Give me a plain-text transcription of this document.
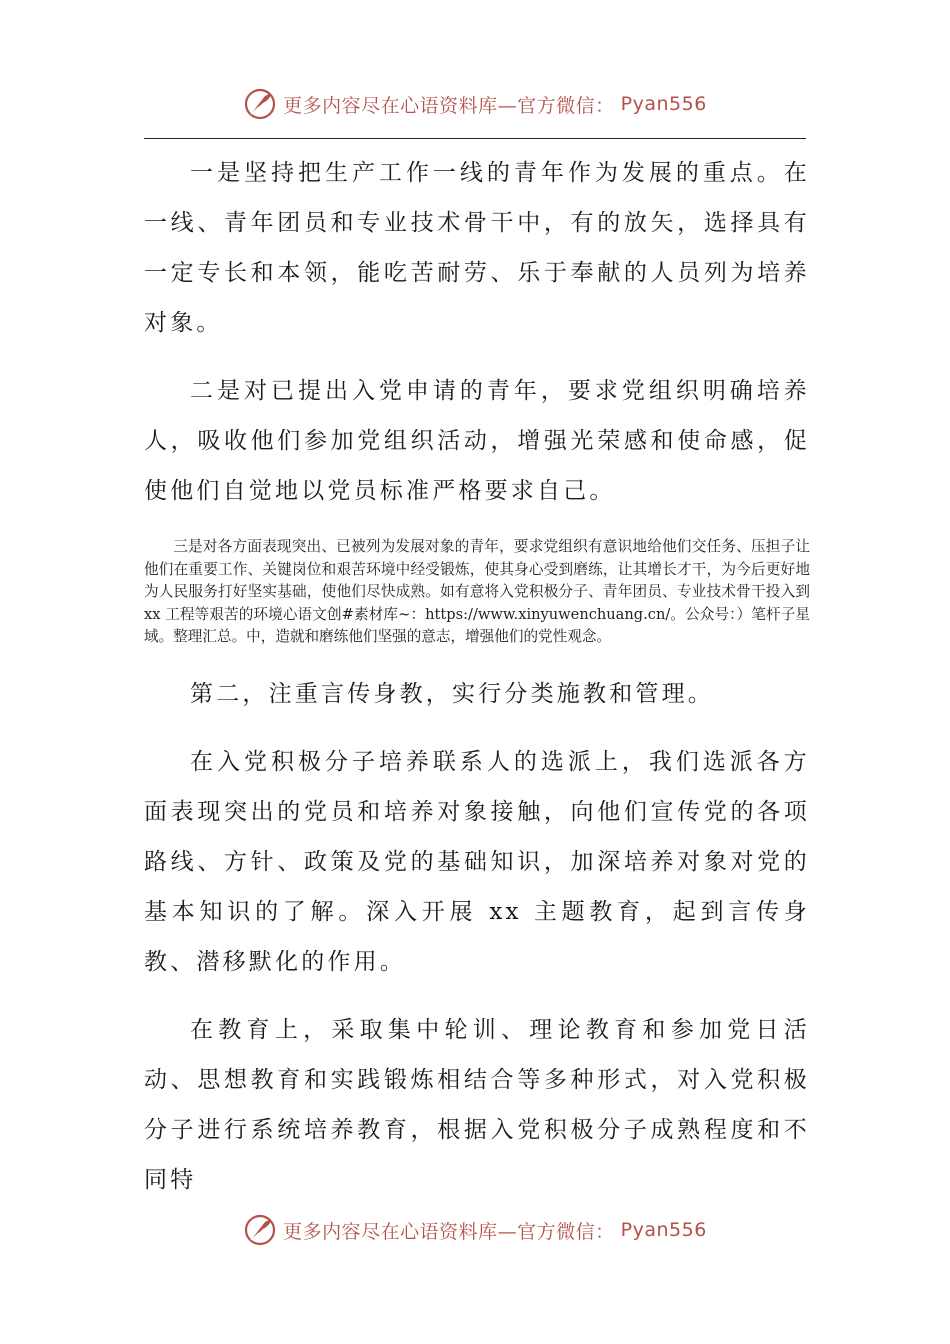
更多内容尽在心语资料库—官方微信： Pyan556

一是坚持把生产工作一线的青年作为发展的重点。在一线、青年团员和专业技术骨干中，有的放矢，选择具有一定专长和本领，能吃苦耐劳、乐于奉献的人员列为培养对象。

二是对已提出入党申请的青年，要求党组织明确培养人，吸收他们参加党组织活动，增强光荣感和使命感，促使他们自觉地以党员标准严格要求自己。

三是对各方面表现突出、已被列为发展对象的青年，要求党组织有意识地给他们交任务、压担子让他们在重要工作、关键岗位和艰苦环境中经受锻炼，使其身心受到磨练，让其增长才干，为今后更好地为人民服务打好坚实基础，使他们尽快成熟。如有意将入党积极分子、青年团员、专业技术骨干投入到 xx 工程等艰苦的环境心语文创#素材库~：https://www.xinyuwenchuang.cn/。公众号：）笔杆子星域。整理汇总。中，造就和磨练他们坚强的意志，增强他们的党性观念。

第二，注重言传身教，实行分类施教和管理。

在入党积极分子培养联系人的选派上，我们选派各方面表现突出的党员和培养对象接触，向他们宣传党的各项路线、方针、政策及党的基础知识，加深培养对象对党的基本知识的了解。深入开展 xx 主题教育，起到言传身教、潜移默化的作用。

在教育上，采取集中轮训、理论教育和参加党日活动、思想教育和实践锻炼相结合等多种形式，对入党积极分子进行系统培养教育，根据入党积极分子成熟程度和不同特

更多内容尽在心语资料库—官方微信： Pyan556
